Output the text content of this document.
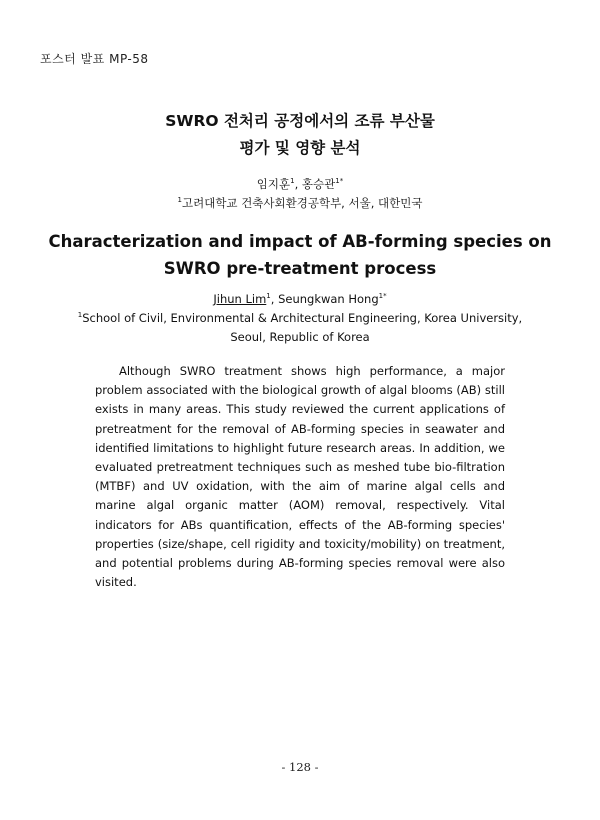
포스터 발표 MP-58
SWRO 전처리 공정에서의 조류 부산물
평가 및 영향 분석
임지훈$^1$, 홍승관$^{1*}$
$^1$고려대학교 건축사회환경공학부, 서울, 대한민국
Characterization and impact of AB-forming species on
SWRO pre-treatment process
Jihun Lim$^1$, Seungkwan Hong$^{1*}$
$^1$School of Civil, Environmental & Architectural Engineering, Korea University,
Seoul, Republic of Korea

Although SWRO treatment shows high performance, a major problem associated with the biological growth of algal blooms (AB) still exists in many areas. This study reviewed the current applications of pretreatment for the removal of AB-forming species in seawater and identified limitations to highlight future research areas. In addition, we evaluated pretreatment techniques such as meshed tube bio-filtration (MTBF) and UV oxidation, with the aim of marine algal cells and marine algal organic matter (AOM) removal, respectively. Vital indicators for ABs quantification, effects of the AB-forming species' properties (size/shape, cell rigidity and toxicity/mobility) on treatment, and potential problems during AB-forming species removal were also visited.

- 128 -
